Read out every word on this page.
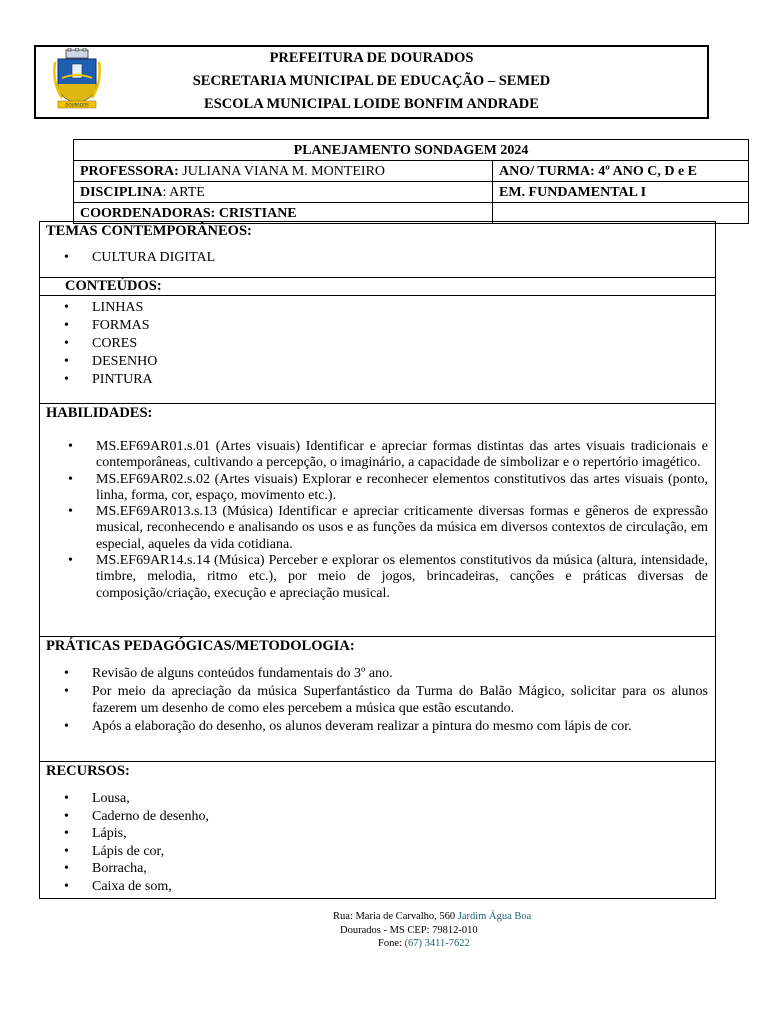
PREFEITURA DE DOURADOS
SECRETARIA MUNICIPAL DE EDUCAÇÃO – SEMED
ESCOLA MUNICIPAL LOIDE BONFIM ANDRADE
DOURADOS
PLANEJAMENTO SONDAGEM 2024	
PROFESSORA: JULIANA VIANA M. MONTEIRO	ANO/ TURMA: 4º ANO C, D e E
DISCIPLINA: ARTE	EM. FUNDAMENTAL I
COORDENADORAS: CRISTIANE	
TEMAS CONTEMPORÂNEOS:
• CULTURA DIGITAL
CONTEÚDOS:
• LINHAS
• FORMAS
• CORES
• DESENHO
• PINTURA
HABILIDADES:
• MS.EF69AR01.s.01 (Artes visuais) Identificar e apreciar formas distintas das artes visuais tradicionais e contemporâneas, cultivando a percepção, o imaginário, a capacidade de simbolizar e o repertório imagético.
• MS.EF69AR02.s.02 (Artes visuais) Explorar e reconhecer elementos constitutivos das artes visuais (ponto, linha, forma, cor, espaço, movimento etc.).
• MS.EF69AR013.s.13 (Música) Identificar e apreciar criticamente diversas formas e gêneros de expressão musical, reconhecendo e analisando os usos e as funções da música em diversos contextos de circulação, em especial, aqueles da vida cotidiana.
• MS.EF69AR14.s.14 (Música) Perceber e explorar os elementos constitutivos da música (altura, intensidade, timbre, melodia, ritmo etc.), por meio de jogos, brincadeiras, canções e práticas diversas de composição/criação, execução e apreciação musical.
PRÁTICAS PEDAGÓGICAS/METODOLOGIA:
• Revisão de alguns conteúdos fundamentais do 3º ano.
• Por meio da apreciação da música Superfantástico da Turma do Balão Mágico, solicitar para os alunos fazerem um desenho de como eles percebem a música que estão escutando.
• Após a elaboração do desenho, os alunos deveram realizar a pintura do mesmo com lápis de cor.
RECURSOS:
• Lousa,
• Caderno de desenho,
• Lápis,
• Lápis de cor,
• Borracha,
• Caixa de som,
Rua: Maria de Carvalho, 560 Jardim Água Boa
Dourados - MS CEP: 79812-010
Fone: (67) 3411-7622
